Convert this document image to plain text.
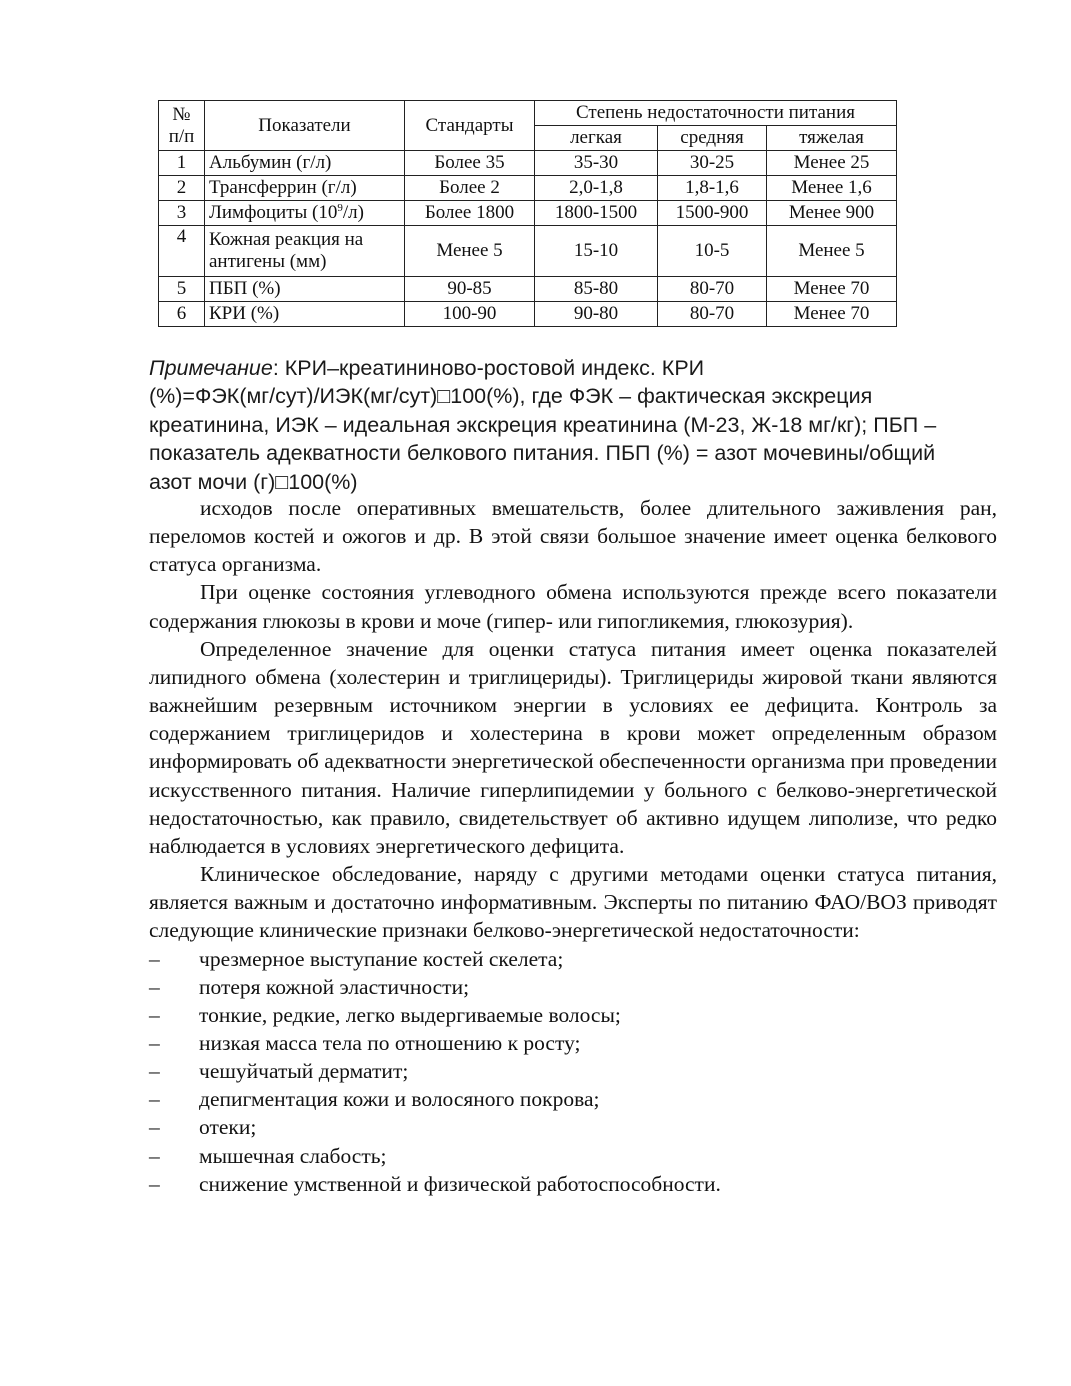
№ п/п	Показатели	Стандарты	Степень недостаточности питания		
			легкая	средняя	тяжелая
1	Альбумин (г/л)	Более 35	35-30	30-25	Менее 25
2	Трансферрин (г/л)	Более 2	2,0-1,8	1,8-1,6	Менее 1,6
3	Лимфоциты $(10^9/л)$	Более 1800	1800-1500	1500-900	Менее 900
4	Кожная реакция на антигены (мм)	Менее 5	15-10	10-5	Менее 5
5	ПБП (%)	90-85	85-80	80-70	Менее 70
6	КРИ (%)	100-90	90-80	80-70	Менее 70

Примечание: КРИ–креатининово-ростовой индекс. КРИ

(%)=ФЭК(мг/сут)/ИЭК(мг/сут)□100(%), где ФЭК – фактическая экскреция

креатинина, ИЭК – идеальная экскреция креатинина (М-23, Ж-18 мг/кг); ПБП –

показатель адекватности белкового питания. ПБП (%) = азот мочевины/общий

азот мочи (г)□100(%)

исходов после оперативных вмешательств, более длительного заживления ран, переломов костей и ожогов и др. В этой связи большое значение имеет оценка белкового статуса организма.

При оценке состояния углеводного обмена используются прежде всего показатели содержания глюкозы в крови и моче (гипер- или гипогликемия, глюкозурия).

Определенное значение для оценки статуса питания имеет оценка показателей липидного обмена (холестерин и триглицериды). Триглицериды жировой ткани являются важнейшим резервным источником энергии в условиях ее дефицита. Контроль за содержанием триглицеридов и холестерина в крови может определенным образом информировать об адекватности энергетической обеспеченности организма при проведении искусственного питания. Наличие гиперлипидемии у больного с белково-энергетической недостаточностью, как правило, свидетельствует об активно идущем липолизе, что редко наблюдается в условиях энергетического дефицита.

Клиническое обследование, наряду с другими методами оценки статуса питания, является важным и достаточно информативным. Эксперты по питанию ФАО/ВОЗ приводят следующие клинические признаки белково-энергетической недостаточности:

– чрезмерное выступание костей скелета;
– потеря кожной эластичности;
– тонкие, редкие, легко выдергиваемые волосы;
– низкая масса тела по отношению к росту;
– чешуйчатый дерматит;
– депигментация кожи и волосяного покрова;
– отеки;
– мышечная слабость;
– снижение умственной и физической работоспособности.
